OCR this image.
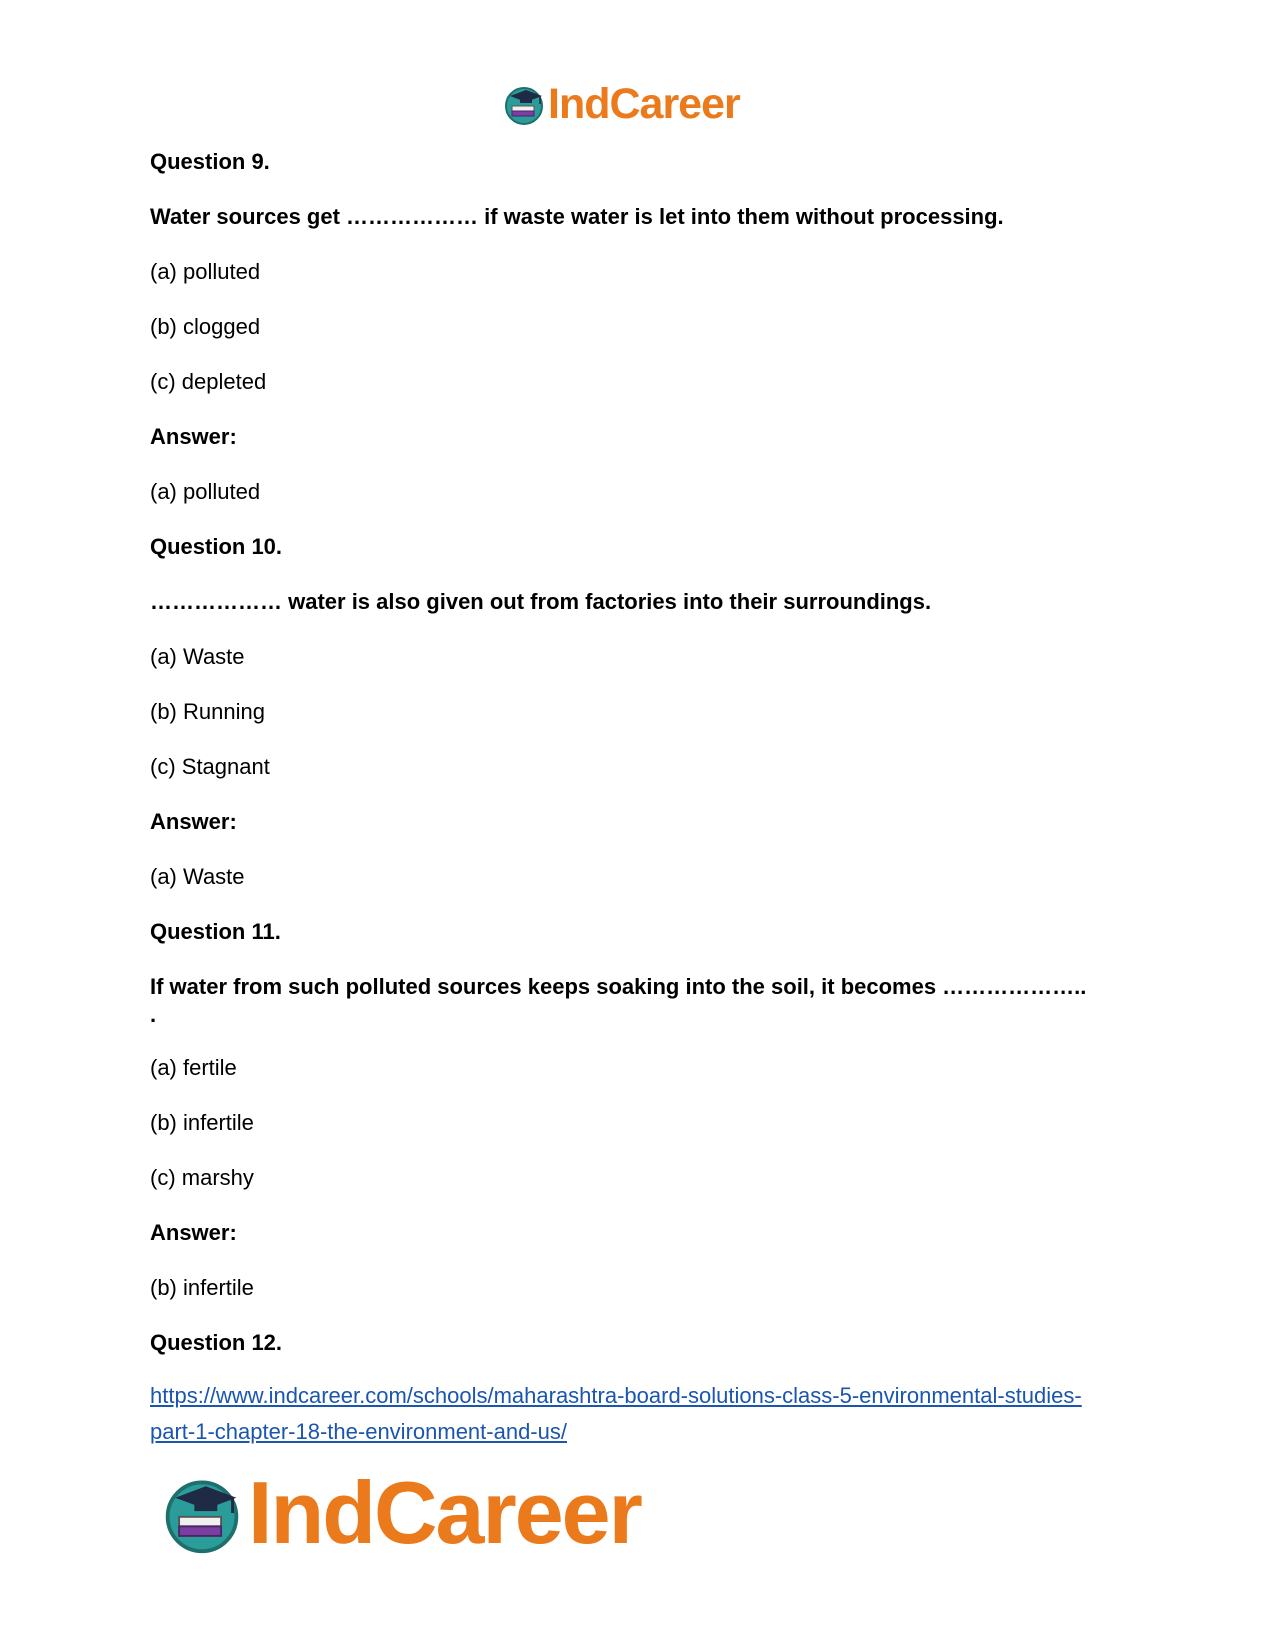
IndCareer
Question 9.
Water sources get ……………… if waste water is let into them without processing.
(a) polluted
(b) clogged
(c) depleted
Answer:
(a) polluted
Question 10.
……………… water is also given out from factories into their surroundings.
(a) Waste
(b) Running
(c) Stagnant
Answer:
(a) Waste
Question 11.
If water from such polluted sources keeps soaking into the soil, it becomes ………………..
.
(a) fertile
(b) infertile
(c) marshy
Answer:
(b) infertile
Question 12.
https://www.indcareer.com/schools/maharashtra-board-solutions-class-5-environmental-studies-
part-1-chapter-18-the-environment-and-us/
IndCareer
